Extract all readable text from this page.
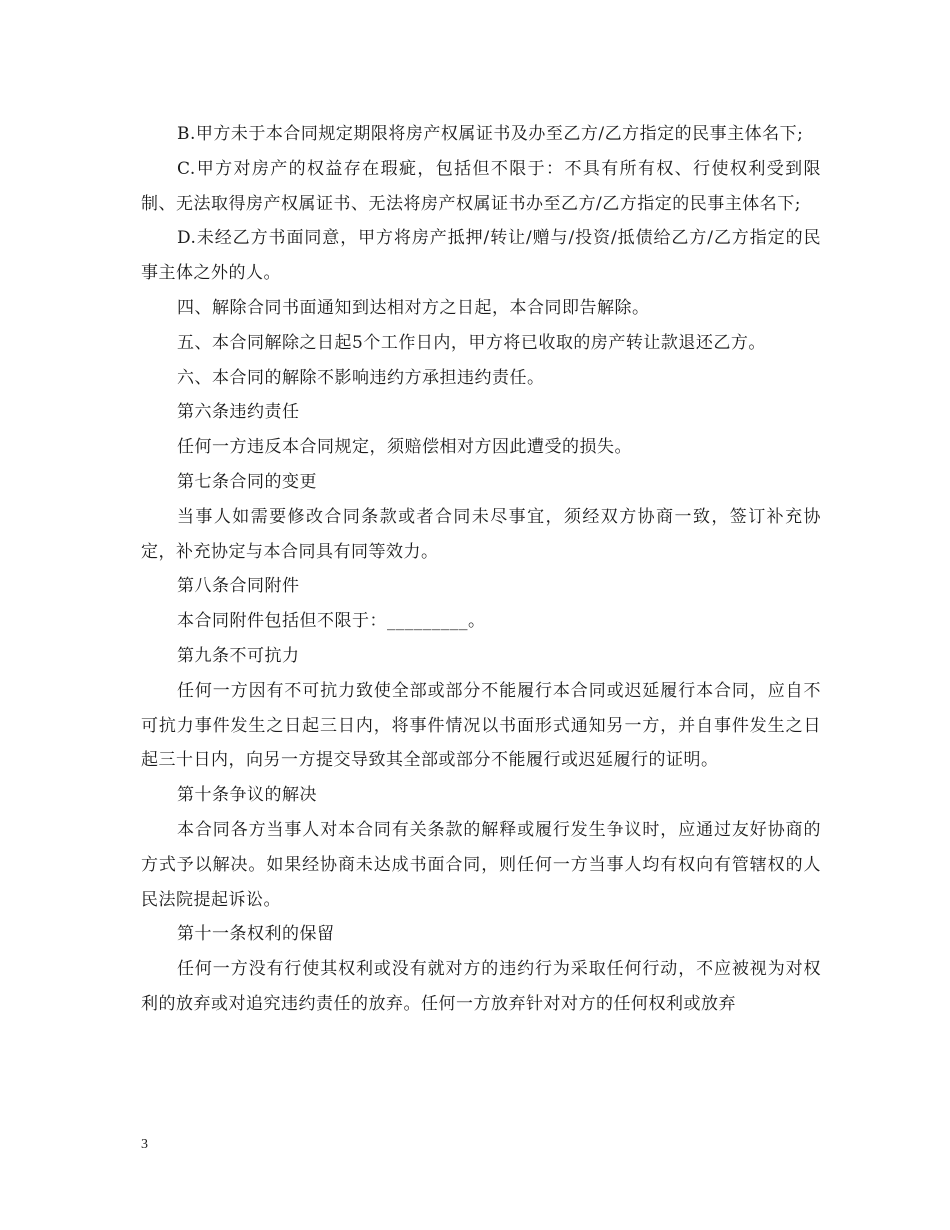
B.甲方未于本合同规定期限将房产权属证书及办至乙方/乙方指定的民事主体名下;

C.甲方对房产的权益存在瑕疵，包括但不限于：不具有所有权、行使权利受到限制、无法取得房产权属证书、无法将房产权属证书办至乙方/乙方指定的民事主体名下;

D.未经乙方书面同意，甲方将房产抵押/转让/赠与/投资/抵债给乙方/乙方指定的民事主体之外的人。

四、解除合同书面通知到达相对方之日起，本合同即告解除。

五、本合同解除之日起5个工作日内，甲方将已收取的房产转让款退还乙方。

六、本合同的解除不影响违约方承担违约责任。

第六条违约责任

任何一方违反本合同规定，须赔偿相对方因此遭受的损失。

第七条合同的变更

当事人如需要修改合同条款或者合同未尽事宜，须经双方协商一致，签订补充协定，补充协定与本合同具有同等效力。

第八条合同附件

本合同附件包括但不限于：_________。

第九条不可抗力

任何一方因有不可抗力致使全部或部分不能履行本合同或迟延履行本合同，应自不可抗力事件发生之日起三日内，将事件情况以书面形式通知另一方，并自事件发生之日起三十日内，向另一方提交导致其全部或部分不能履行或迟延履行的证明。

第十条争议的解决

本合同各方当事人对本合同有关条款的解释或履行发生争议时，应通过友好协商的方式予以解决。如果经协商未达成书面合同，则任何一方当事人均有权向有管辖权的人民法院提起诉讼。

第十一条权利的保留

任何一方没有行使其权利或没有就对方的违约行为采取任何行动，不应被视为对权利的放弃或对追究违约责任的放弃。任何一方放弃针对对方的任何权利或放弃

3
